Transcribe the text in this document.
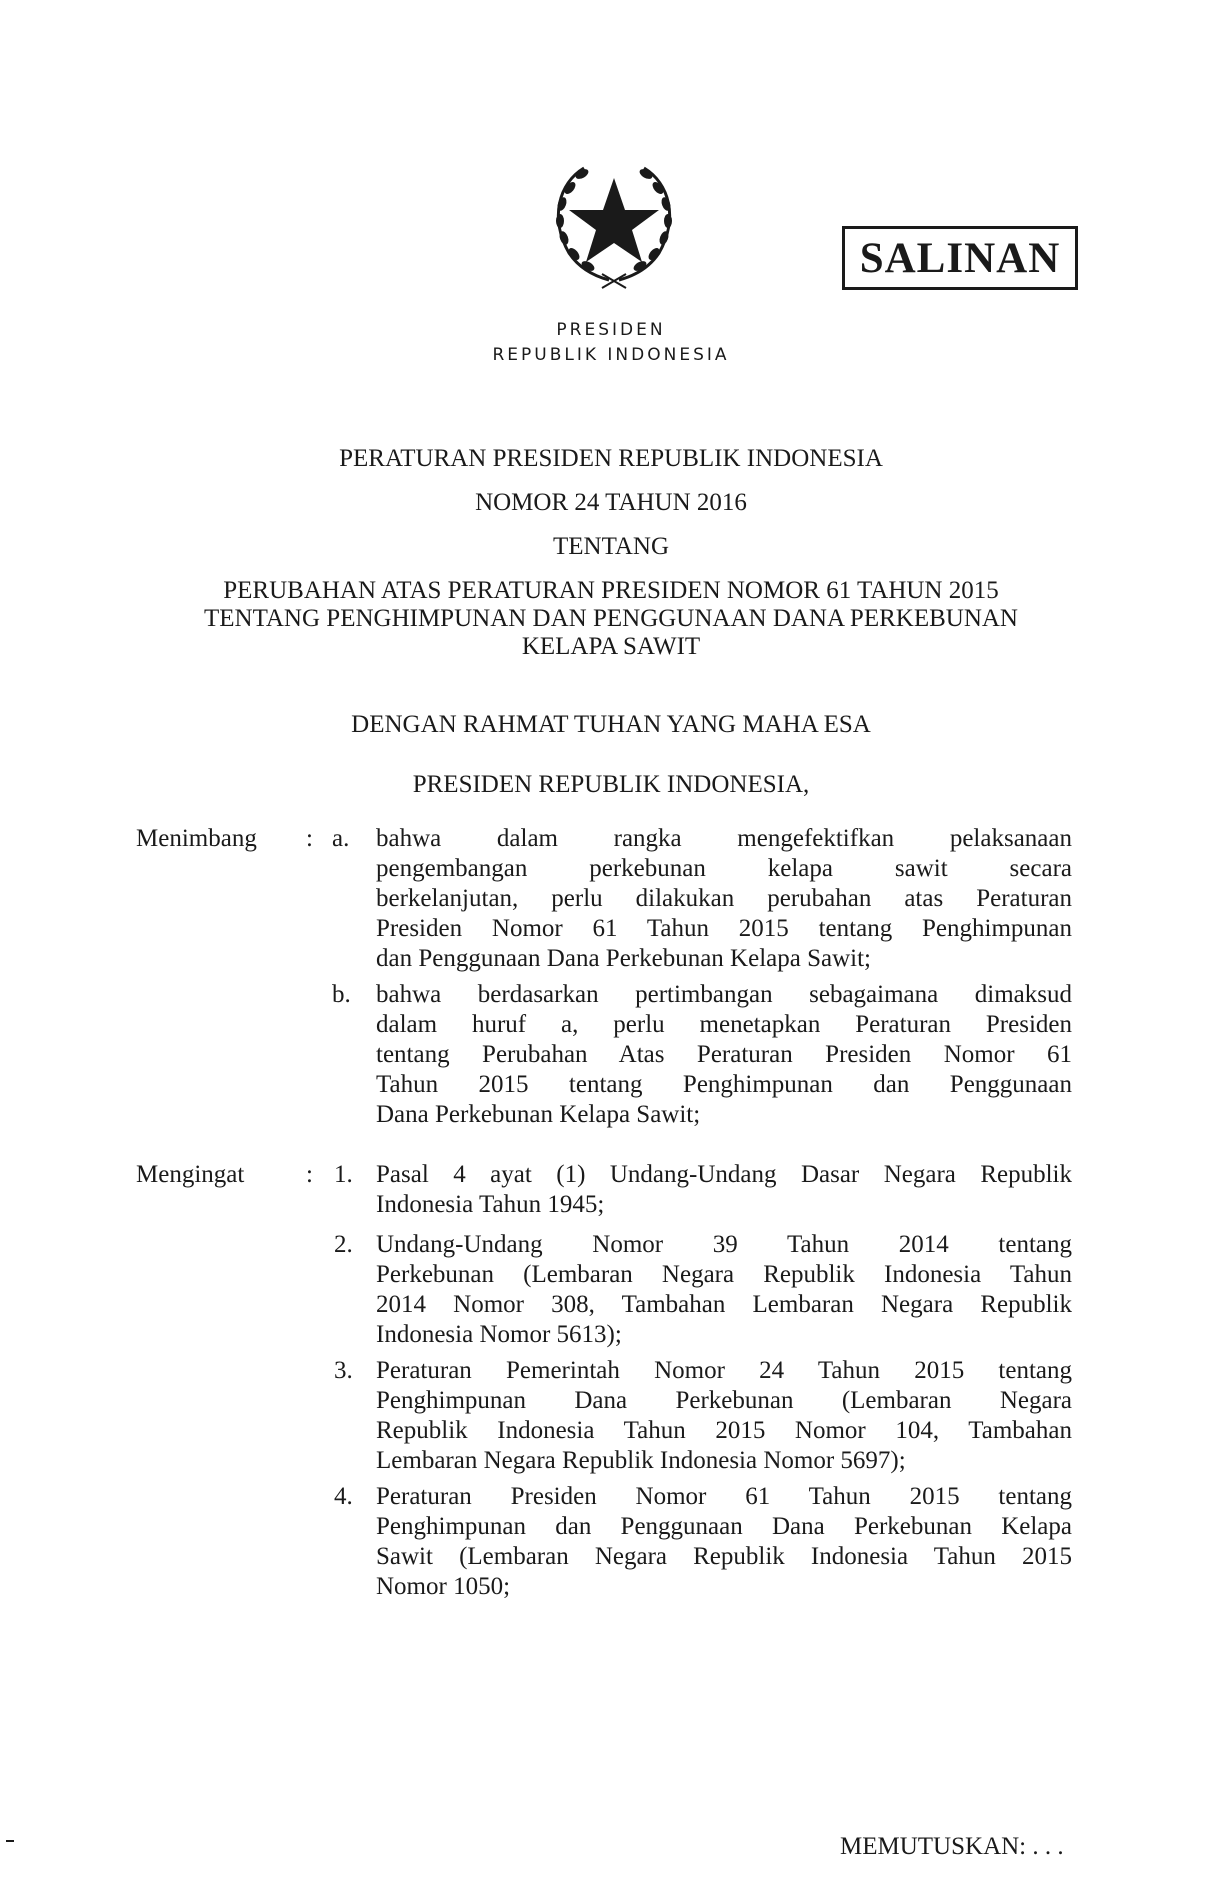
SALINAN
PRESIDEN
REPUBLIK INDONESIA
PERATURAN PRESIDEN REPUBLIK INDONESIA
NOMOR 24 TAHUN 2016
TENTANG
PERUBAHAN ATAS PERATURAN PRESIDEN NOMOR 61 TAHUN 2015
TENTANG PENGHIMPUNAN DAN PENGGUNAAN DANA PERKEBUNAN
KELAPA SAWIT
DENGAN RAHMAT TUHAN YANG MAHA ESA
PRESIDEN REPUBLIK INDONESIA,
Menimbang : a. bahwa dalam rangka mengefektifkan pelaksanaan
pengembangan perkebunan kelapa sawit secara
berkelanjutan, perlu dilakukan perubahan atas Peraturan
Presiden Nomor 61 Tahun 2015 tentang Penghimpunan
dan Penggunaan Dana Perkebunan Kelapa Sawit;
b. bahwa berdasarkan pertimbangan sebagaimana dimaksud
dalam huruf a, perlu menetapkan Peraturan Presiden
tentang Perubahan Atas Peraturan Presiden Nomor 61
Tahun 2015 tentang Penghimpunan dan Penggunaan
Dana Perkebunan Kelapa Sawit;
Mengingat : 1. Pasal 4 ayat (1) Undang-Undang Dasar Negara Republik
Indonesia Tahun 1945;
2. Undang-Undang Nomor 39 Tahun 2014 tentang
Perkebunan (Lembaran Negara Republik Indonesia Tahun
2014 Nomor 308, Tambahan Lembaran Negara Republik
Indonesia Nomor 5613);
3. Peraturan Pemerintah Nomor 24 Tahun 2015 tentang
Penghimpunan Dana Perkebunan (Lembaran Negara
Republik Indonesia Tahun 2015 Nomor 104, Tambahan
Lembaran Negara Republik Indonesia Nomor 5697);
4. Peraturan Presiden Nomor 61 Tahun 2015 tentang
Penghimpunan dan Penggunaan Dana Perkebunan Kelapa
Sawit (Lembaran Negara Republik Indonesia Tahun 2015
Nomor 1050;
MEMUTUSKAN: . . .
